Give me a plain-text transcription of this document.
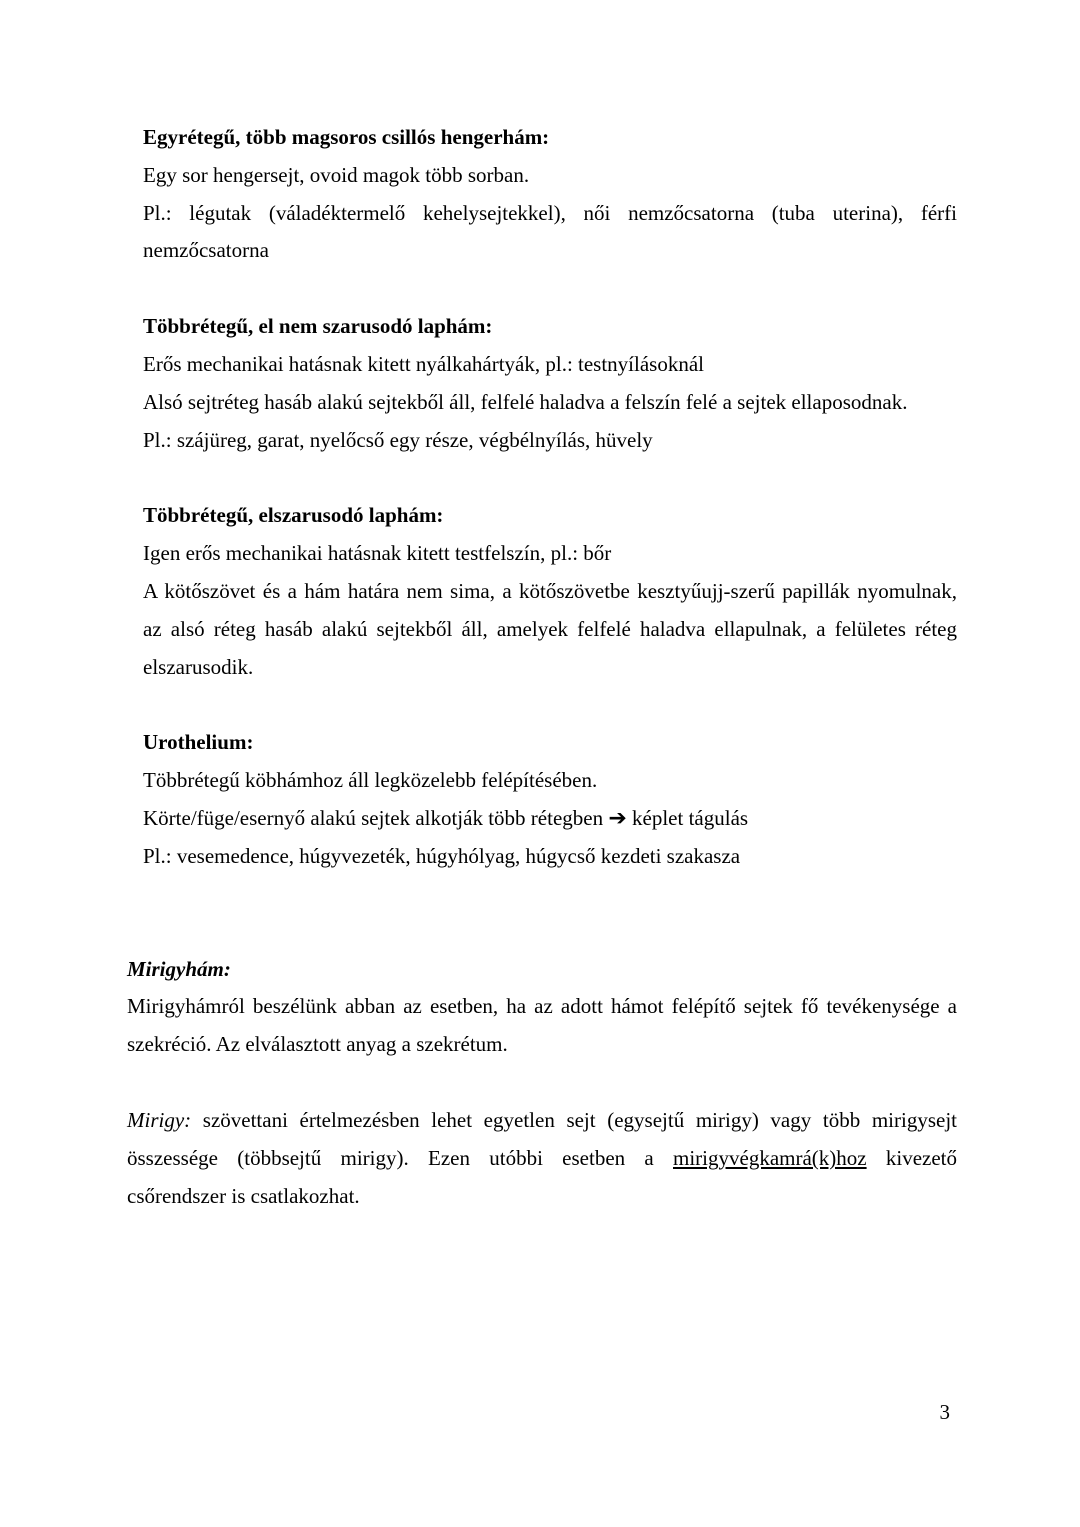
Egyrétegű, több magsoros csillós hengerhám:
Egy sor hengersejt, ovoid magok több sorban.
Pl.: légutak (váladéktermelő kehelysejtekkel), női nemzőcsatorna (tuba uterina), férfi
nemzőcsatorna
Többrétegű, el nem szarusodó laphám:
Erős mechanikai hatásnak kitett nyálkahártyák, pl.: testnyílásoknál
Alsó sejtréteg hasáb alakú sejtekből áll, felfelé haladva a felszín felé a sejtek ellaposodnak.
Pl.: szájüreg, garat, nyelőcső egy része, végbélnyílás, hüvely
Többrétegű, elszarusodó laphám:
Igen erős mechanikai hatásnak kitett testfelszín, pl.: bőr
A kötőszövet és a hám határa nem sima, a kötőszövetbe kesztyűujj-szerű papillák nyomulnak,
az alsó réteg hasáb alakú sejtekből áll, amelyek felfelé haladva ellapulnak, a felületes réteg
elszarusodik.
Urothelium:
Többrétegű köbhámhoz áll legközelebb felépítésében.
Körte/füge/esernyő alakú sejtek alkotják több rétegben ➔ képlet tágulás
Pl.: vesemedence, húgyvezeték, húgyhólyag, húgycső kezdeti szakasza
Mirigyhám:
Mirigyhámról beszélünk abban az esetben, ha az adott hámot felépítő sejtek fő tevékenysége a
szekréció. Az elválasztott anyag a szekrétum.
Mirigy: szövettani értelmezésben lehet egyetlen sejt (egysejtű mirigy) vagy több mirigysejt
összessége (többsejtű mirigy). Ezen utóbbi esetben a mirigyvégkamrá(k)hoz kivezető
csőrendszer is csatlakozhat.
3
